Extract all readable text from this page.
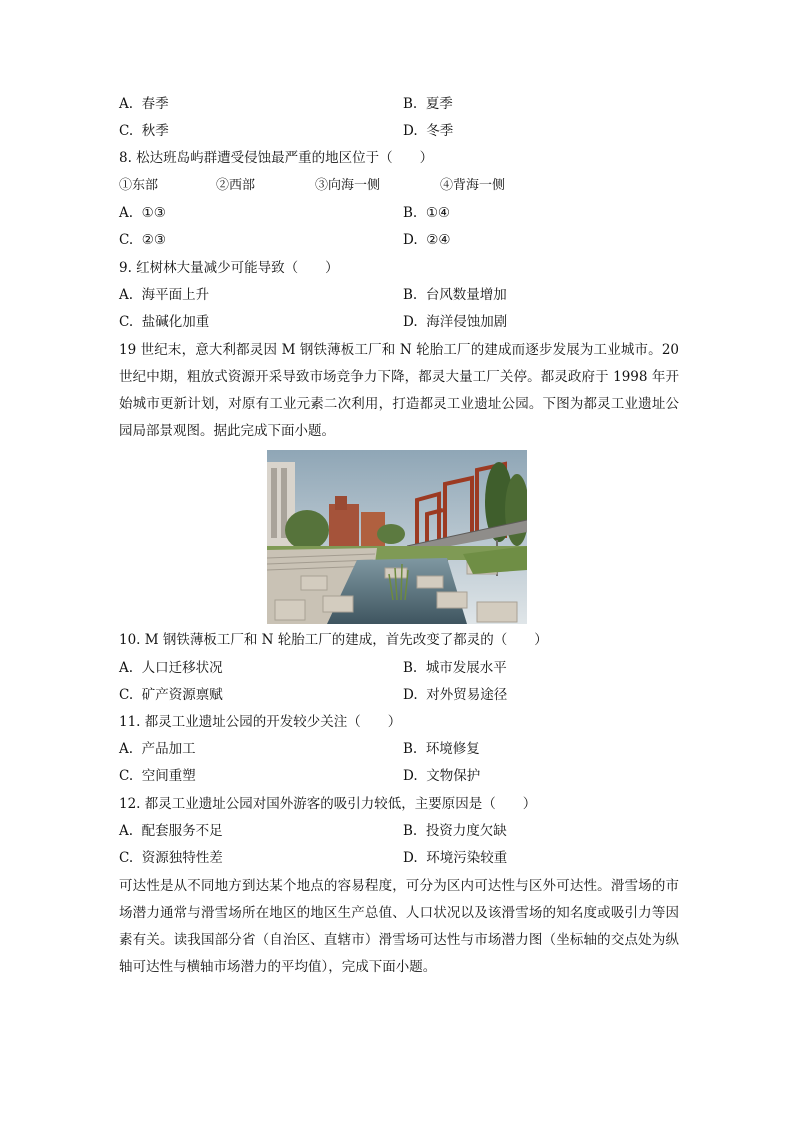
A. 春季	B. 夏季
C. 秋季	D. 冬季
8. 松达班岛屿群遭受侵蚀最严重的地区位于（　　）
①东部	②西部	③向海一侧	④背海一侧
A. ①③	B. ①④
C. ②③	D. ②④
9. 红树林大量减少可能导致（　　）
A. 海平面上升	B. 台风数量增加
C. 盐碱化加重	D. 海洋侵蚀加剧
19 世纪末，意大利都灵因 M 钢铁薄板工厂和 N 轮胎工厂的建成而逐步发展为工业城市。20 世纪中期，粗放式资源开采导致市场竞争力下降，都灵大量工厂关停。都灵政府于 1998 年开始城市更新计划，对原有工业元素二次利用，打造都灵工业遗址公园。下图为都灵工业遗址公园局部景观图。据此完成下面小题。
10. M 钢铁薄板工厂和 N 轮胎工厂的建成，首先改变了都灵的（　　）
A. 人口迁移状况	B. 城市发展水平
C. 矿产资源禀赋	D. 对外贸易途径
11. 都灵工业遗址公园的开发较少关注（　　）
A. 产品加工	B. 环境修复
C. 空间重塑	D. 文物保护
12. 都灵工业遗址公园对国外游客的吸引力较低，主要原因是（　　）
A. 配套服务不足	B. 投资力度欠缺
C. 资源独特性差	D. 环境污染较重
可达性是从不同地方到达某个地点的容易程度，可分为区内可达性与区外可达性。滑雪场的市场潜力通常与滑雪场所在地区的地区生产总值、人口状况以及该滑雪场的知名度或吸引力等因素有关。读我国部分省（自治区、直辖市）滑雪场可达性与市场潜力图（坐标轴的交点处为纵轴可达性与横轴市场潜力的平均值），完成下面小题。
